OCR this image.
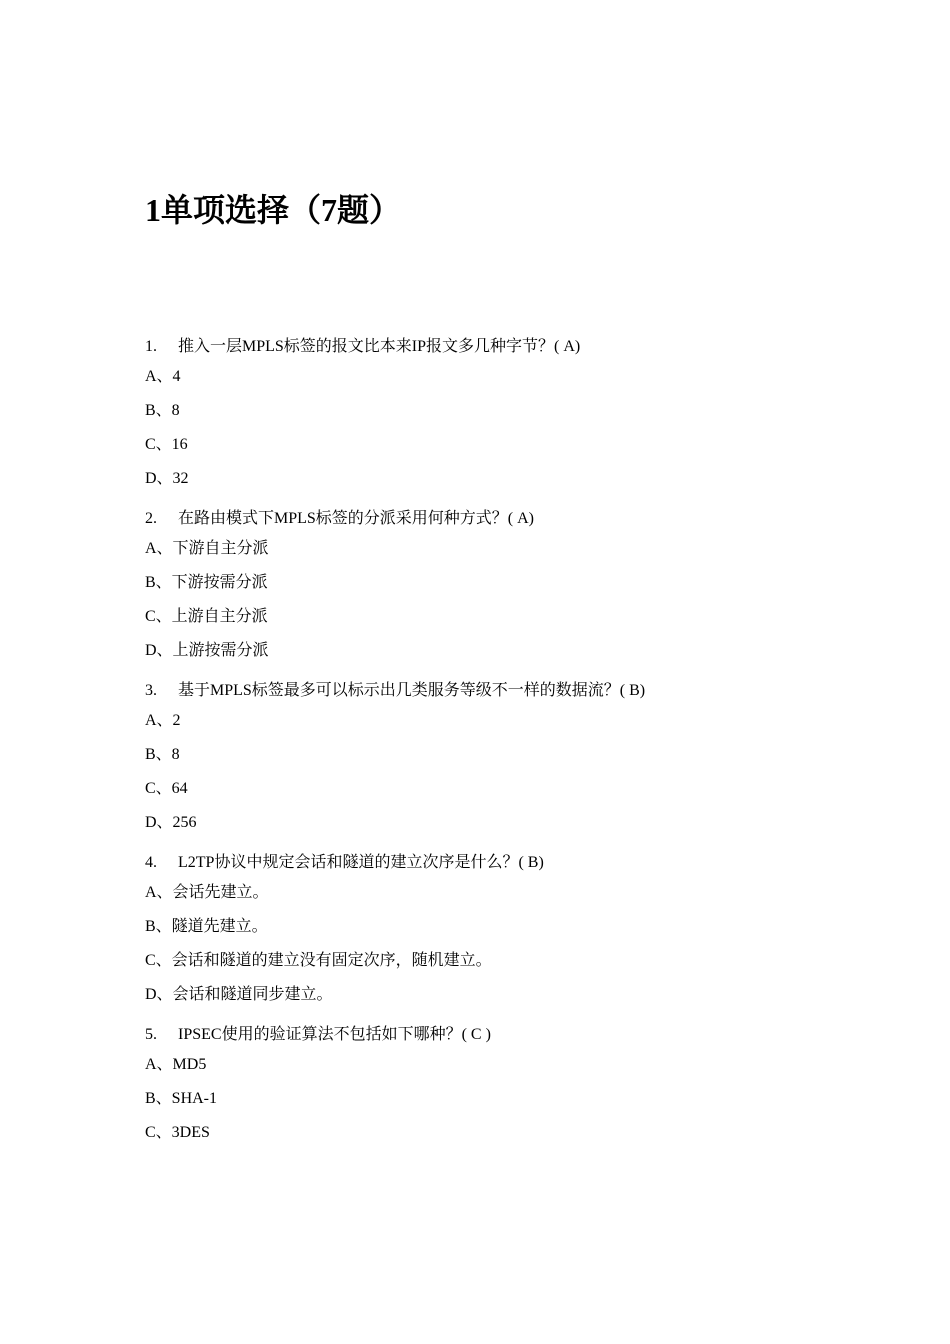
1单项选择（7题）
1. 推入一层MPLS标签的报文比本来IP报文多几种字节？( A)
A、4
B、8
C、16
D、32
2. 在路由模式下MPLS标签的分派采用何种方式？( A)
A、下游自主分派
B、下游按需分派
C、上游自主分派
D、上游按需分派
3. 基于MPLS标签最多可以标示出几类服务等级不一样的数据流？( B)
A、2
B、8
C、64
D、256
4. L2TP协议中规定会话和隧道的建立次序是什么？( B)
A、会话先建立。
B、隧道先建立。
C、会话和隧道的建立没有固定次序，随机建立。
D、会话和隧道同步建立。
5. IPSEC使用的验证算法不包括如下哪种？( C )
A、MD5
B、SHA-1
C、3DES
